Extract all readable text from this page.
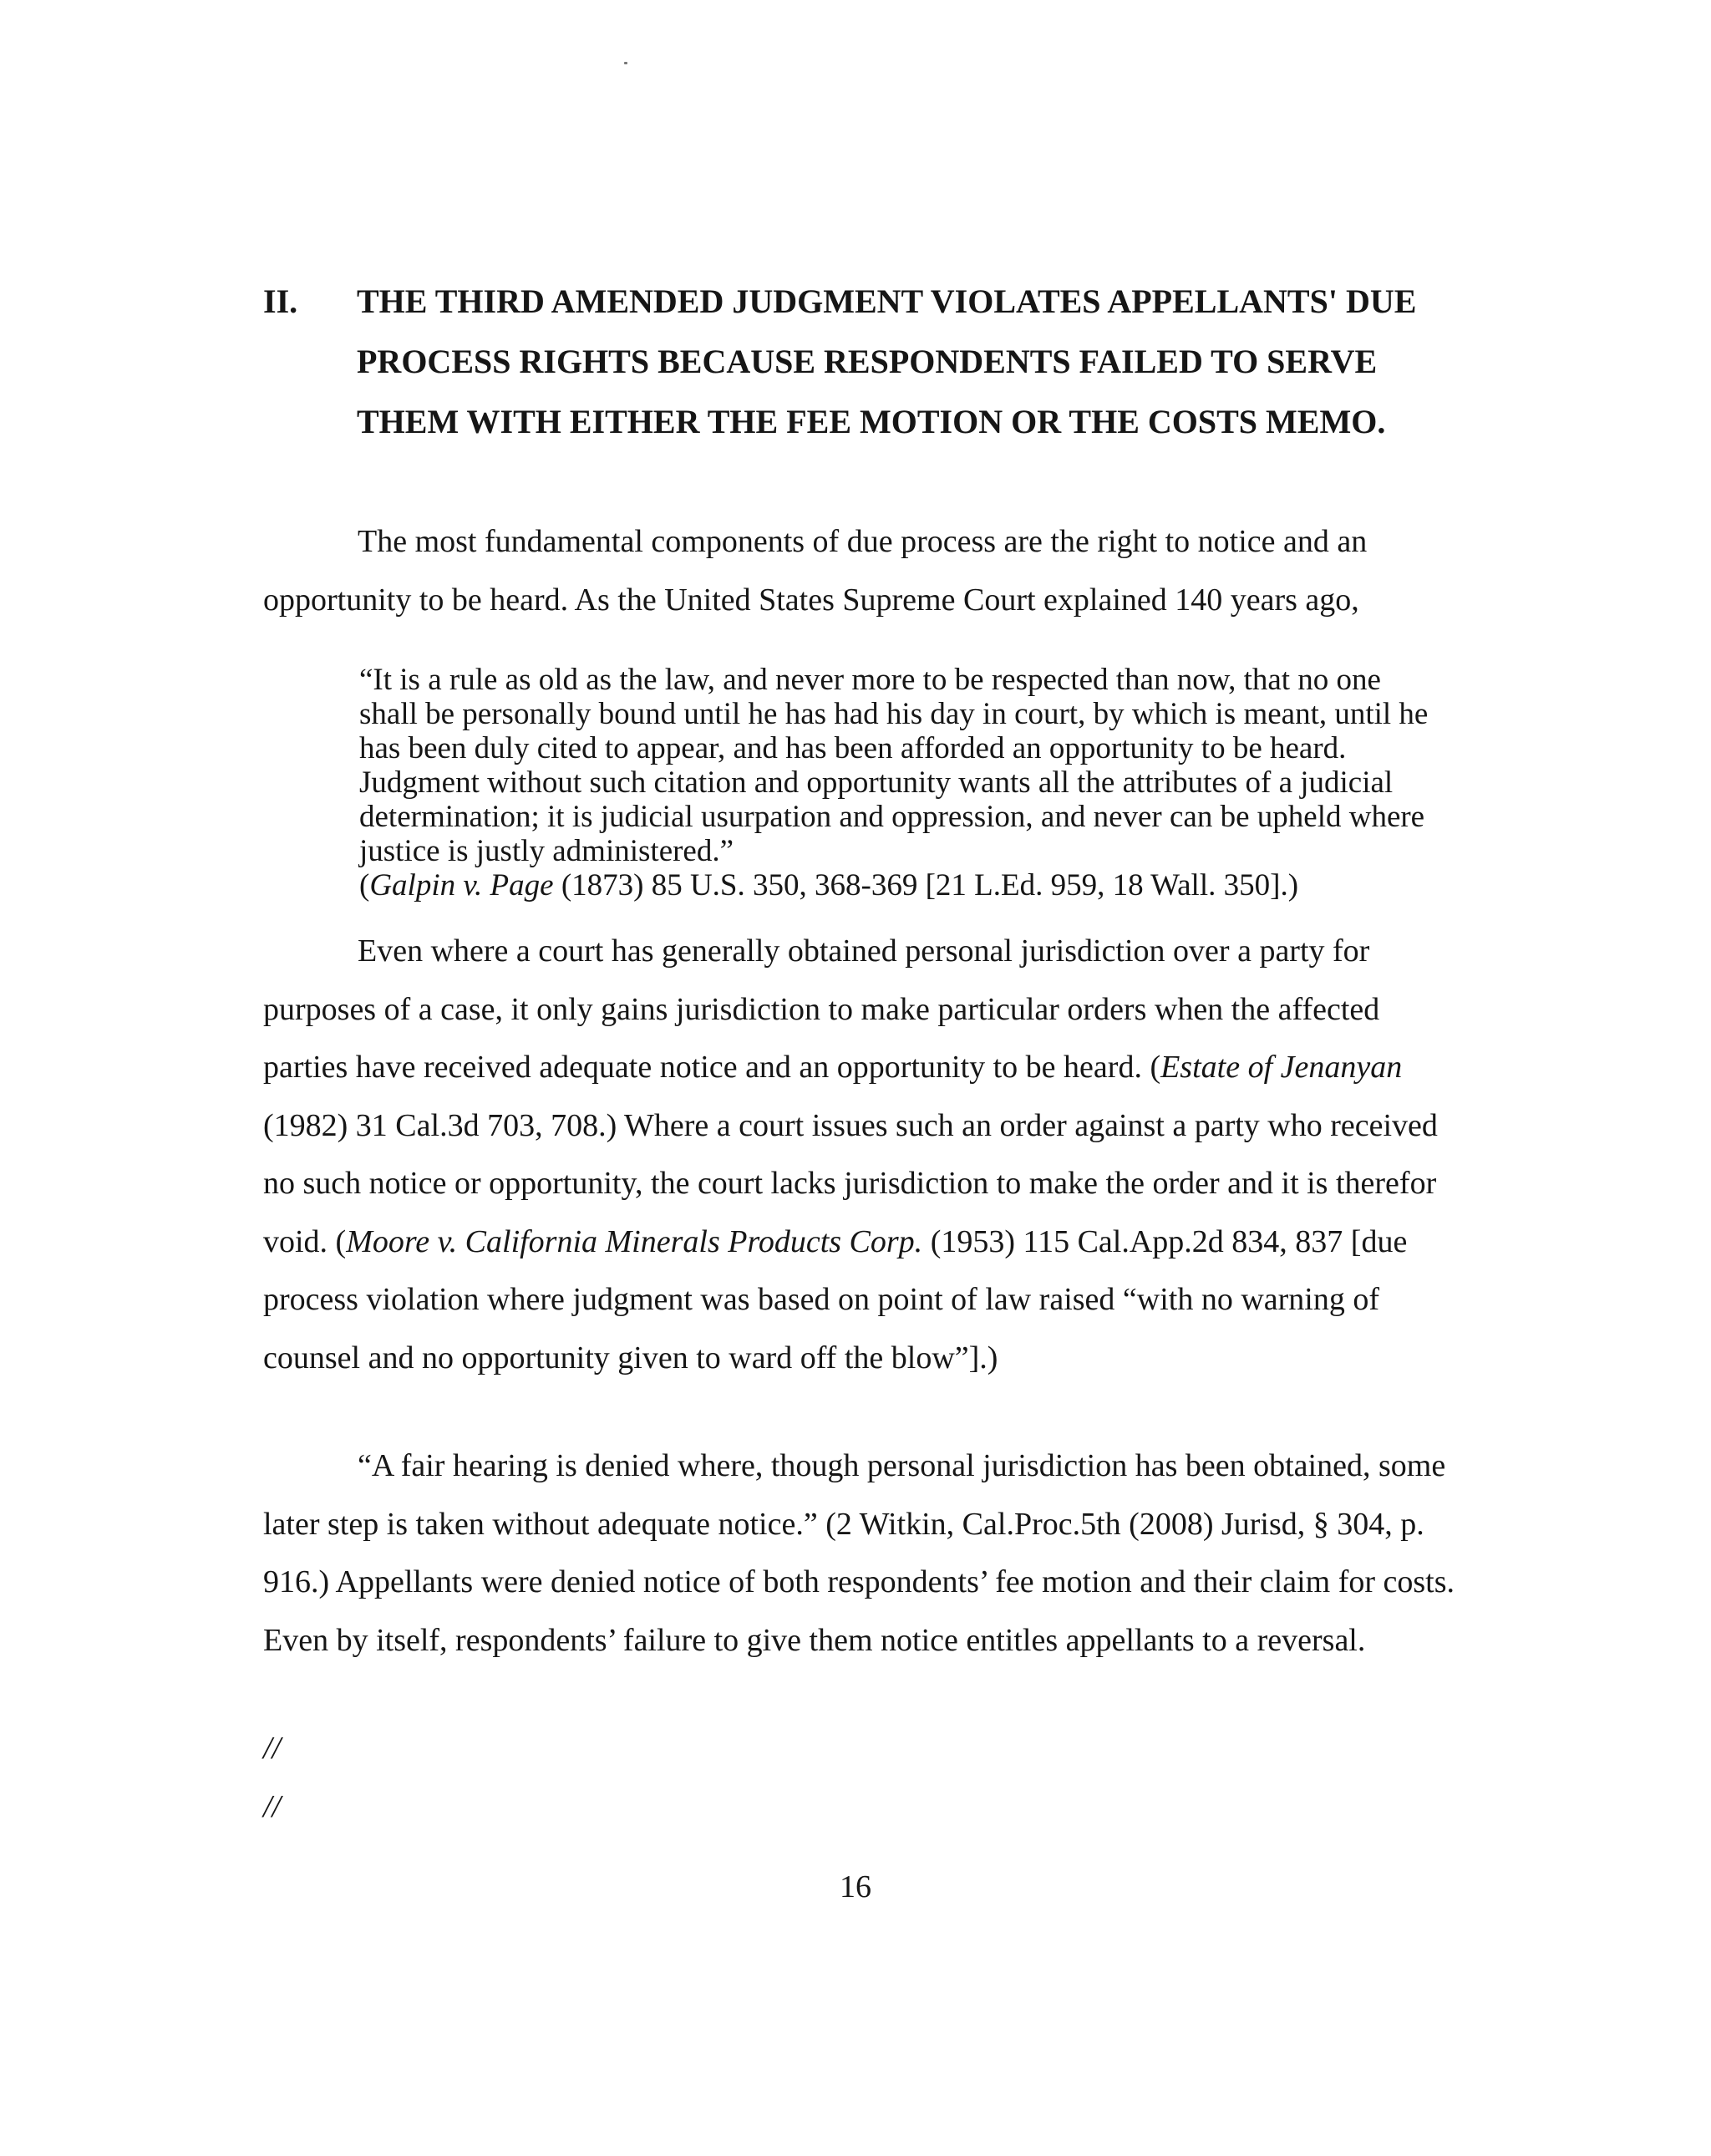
II. THE THIRD AMENDED JUDGMENT VIOLATES APPELLANTS' DUE PROCESS RIGHTS BECAUSE RESPONDENTS FAILED TO SERVE THEM WITH EITHER THE FEE MOTION OR THE COSTS MEMO.

The most fundamental components of due process are the right to notice and an opportunity to be heard. As the United States Supreme Court explained 140 years ago,

“It is a rule as old as the law, and never more to be respected than now, that no one shall be personally bound until he has had his day in court, by which is meant, until he has been duly cited to appear, and has been afforded an opportunity to be heard. Judgment without such citation and opportunity wants all the attributes of a judicial determination; it is judicial usurpation and oppression, and never can be upheld where justice is justly administered.”
(Galpin v. Page (1873) 85 U.S. 350, 368-369 [21 L.Ed. 959, 18 Wall. 350].)

Even where a court has generally obtained personal jurisdiction over a party for purposes of a case, it only gains jurisdiction to make particular orders when the affected parties have received adequate notice and an opportunity to be heard. (Estate of Jenanyan (1982) 31 Cal.3d 703, 708.) Where a court issues such an order against a party who received no such notice or opportunity, the court lacks jurisdiction to make the order and it is therefor void. (Moore v. California Minerals Products Corp. (1953) 115 Cal.App.2d 834, 837 [due process violation where judgment was based on point of law raised “with no warning of counsel and no opportunity given to ward off the blow”].)

“A fair hearing is denied where, though personal jurisdiction has been obtained, some later step is taken without adequate notice.” (2 Witkin, Cal.Proc.5th (2008) Jurisd, § 304, p. 916.) Appellants were denied notice of both respondents’ fee motion and their claim for costs. Even by itself, respondents’ failure to give them notice entitles appellants to a reversal.

//
//
16
